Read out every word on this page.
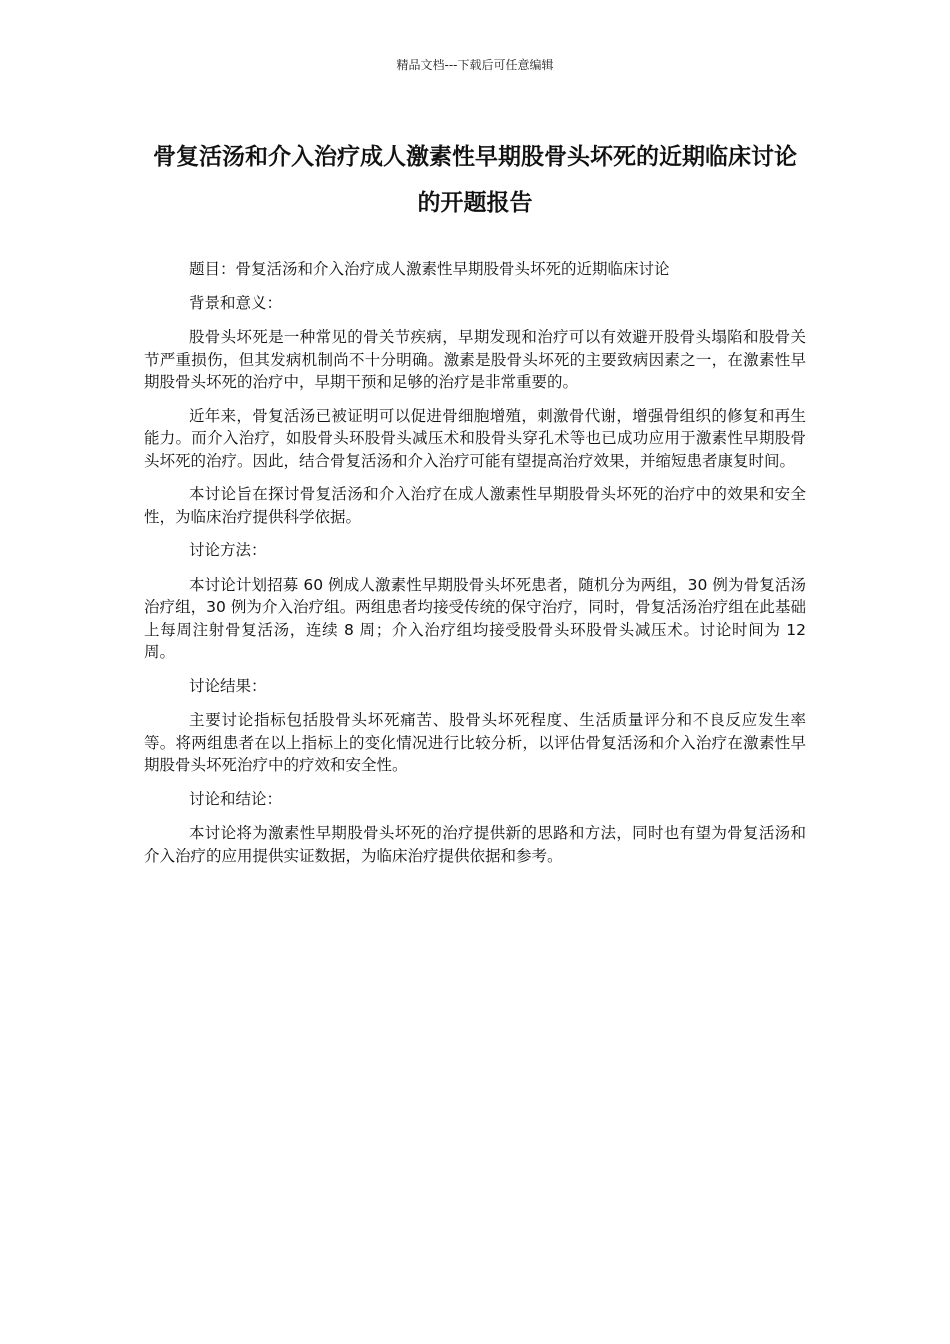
精品文档---下载后可任意编辑
骨复活汤和介入治疗成人激素性早期股骨头坏死的近期临床讨论的开题报告

题目：骨复活汤和介入治疗成人激素性早期股骨头坏死的近期临床讨论

背景和意义：

股骨头坏死是一种常见的骨关节疾病，早期发现和治疗可以有效避开股骨头塌陷和股骨关节严重损伤，但其发病机制尚不十分明确。激素是股骨头坏死的主要致病因素之一，在激素性早期股骨头坏死的治疗中，早期干预和足够的治疗是非常重要的。

近年来，骨复活汤已被证明可以促进骨细胞增殖，刺激骨代谢，增强骨组织的修复和再生能力。而介入治疗，如股骨头环股骨头减压术和股骨头穿孔术等也已成功应用于激素性早期股骨头坏死的治疗。因此，结合骨复活汤和介入治疗可能有望提高治疗效果，并缩短患者康复时间。

本讨论旨在探讨骨复活汤和介入治疗在成人激素性早期股骨头坏死的治疗中的效果和安全性，为临床治疗提供科学依据。

讨论方法：

本讨论计划招募 60 例成人激素性早期股骨头坏死患者，随机分为两组，30 例为骨复活汤治疗组，30 例为介入治疗组。两组患者均接受传统的保守治疗，同时，骨复活汤治疗组在此基础上每周注射骨复活汤，连续 8 周；介入治疗组均接受股骨头环股骨头减压术。讨论时间为 12 周。

讨论结果：

主要讨论指标包括股骨头坏死痛苦、股骨头坏死程度、生活质量评分和不良反应发生率等。将两组患者在以上指标上的变化情况进行比较分析，以评估骨复活汤和介入治疗在激素性早期股骨头坏死治疗中的疗效和安全性。

讨论和结论：

本讨论将为激素性早期股骨头坏死的治疗提供新的思路和方法，同时也有望为骨复活汤和介入治疗的应用提供实证数据，为临床治疗提供依据和参考。
